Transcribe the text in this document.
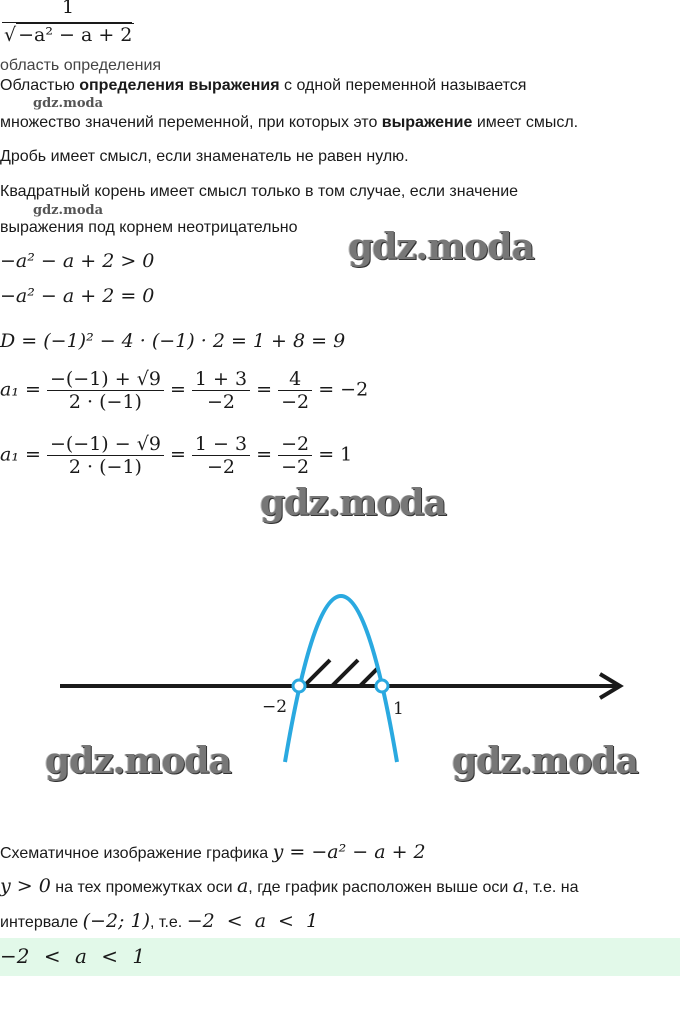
1
√ −a² − a + 2
область определения
Областью определения выражения с одной переменной называется
gdz.moda
множество значений переменной, при которых это выражение имеет смысл.
Дробь имеет смысл, если знаменатель не равен нулю.
Квадратный корень имеет смысл только в том случае, если значение
gdz.moda
выражения под корнем неотрицательно gdz.moda
−a² − a + 2 > 0
−a² − a + 2 = 0
D = (−1)² − 4 · (−1) · 2 = 1 + 8 = 9
$a_1 = \frac{-(-1) + √9}{2 \cdot (-1)} = \frac{1 + 3}{-2} = \frac{4}{-2} = -2$
$a_1 = \frac{-(-1) - √9}{2 \cdot (-1)} = \frac{1 - 3}{-2} = \frac{-2}{-2} = 1$
gdz.moda
−2	1
gdz.moda	gdz.moda
Схематичное изображение графика y = −a² − a + 2
y > 0 на тех промежутках оси a, где график расположен выше оси a, т.е. на
интервале (−2; 1), т.е. −2 < a < 1
−2 < a < 1
